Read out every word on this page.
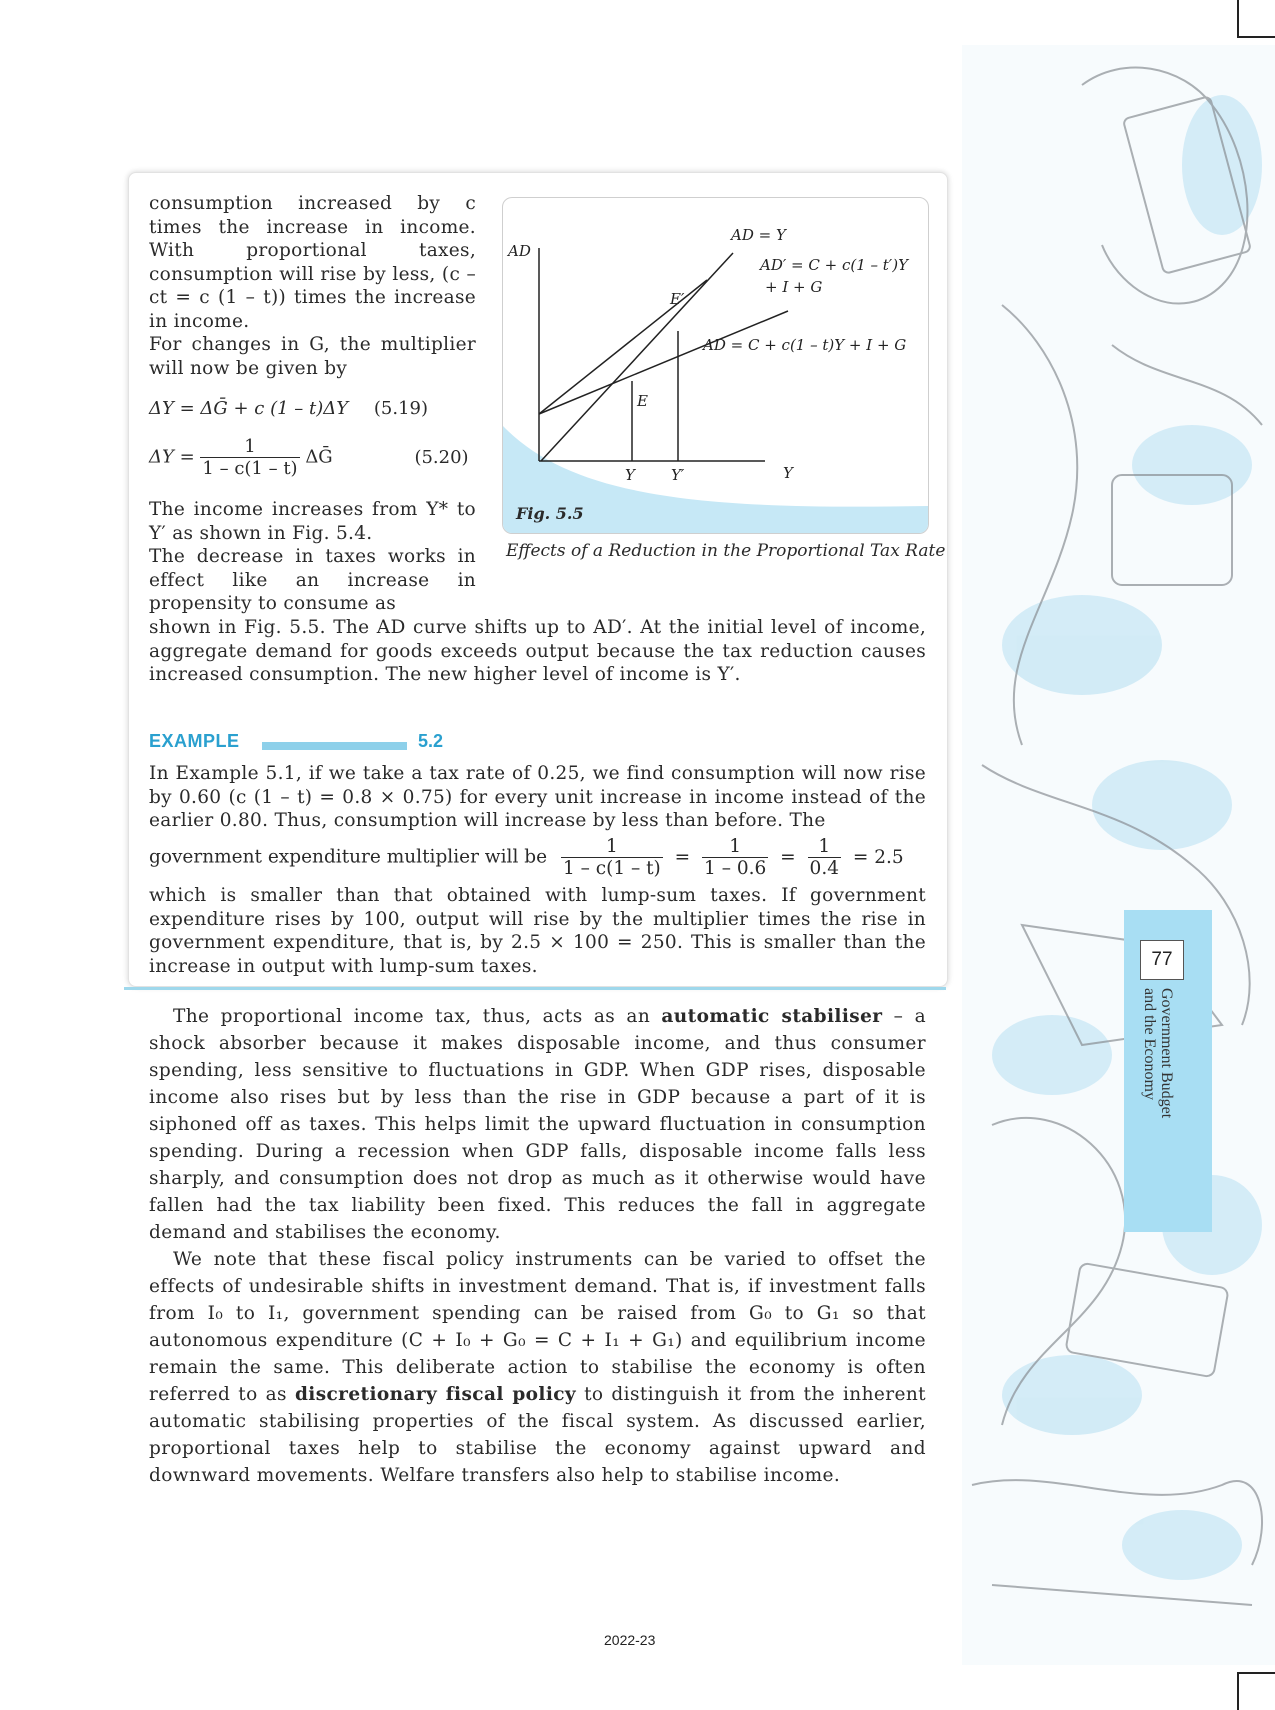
consumption increased by c times the increase in income. With proportional taxes, consumption will rise by less, (c – ct = c (1 – t)) times the increase in income.

For changes in G, the multiplier will now be given by

ΔY = ΔḠ + c (1 – t)ΔY (5.19)
$\Delta Y = \frac{1}{1 - c(1 - t)}$ ΔḠ	(5.20)

The income increases from Y* to Y′ as shown in Fig. 5.4.

The decrease in taxes works in effect like an increase in propensity to consume as

AD
Y
AD = Y
AD′ = C + c(1 – t′)Y
+ I + G
AD = C + c(1 – t)Y + I + G
E
E′
Y Y′
Fig. 5.5
Effects of a Reduction in the Proportional Tax Rate

shown in Fig. 5.5. The AD curve shifts up to AD′. At the initial level of income, aggregate demand for goods exceeds output because the tax reduction causes increased consumption. The new higher level of income is Y′.

EXAMPLE	5.2

In Example 5.1, if we take a tax rate of 0.25, we find consumption will now rise by 0.60 (c (1 – t) = 0.8 × 0.75) for every unit increase in income instead of the earlier 0.80. Thus, consumption will increase by less than before. The

government expenditure multiplier will be $\frac{1}{1 - c(1 - t)} = \frac{1}{1 - 0.6} = \frac{1}{0.4} = 2.5$

which is smaller than that obtained with lump-sum taxes. If government expenditure rises by 100, output will rise by the multiplier times the rise in government expenditure, that is, by 2.5 × 100 = 250. This is smaller than the increase in output with lump-sum taxes.

The proportional income tax, thus, acts as an automatic stabiliser – a shock absorber because it makes disposable income, and thus consumer spending, less sensitive to fluctuations in GDP. When GDP rises, disposable income also rises but by less than the rise in GDP because a part of it is siphoned off as taxes. This helps limit the upward fluctuation in consumption spending. During a recession when GDP falls, disposable income falls less sharply, and consumption does not drop as much as it otherwise would have fallen had the tax liability been fixed. This reduces the fall in aggregate demand and stabilises the economy.

We note that these fiscal policy instruments can be varied to offset the effects of undesirable shifts in investment demand. That is, if investment falls from I₀ to I₁, government spending can be raised from G₀ to G₁ so that autonomous expenditure (C + I₀ + G₀ = C + I₁ + G₁) and equilibrium income remain the same. This deliberate action to stabilise the economy is often referred to as discretionary fiscal policy to distinguish it from the inherent automatic stabilising properties of the fiscal system. As discussed earlier, proportional taxes help to stabilise the economy against upward and downward movements. Welfare transfers also help to stabilise income.

77
Government Budget
and the Economy
2022-23
